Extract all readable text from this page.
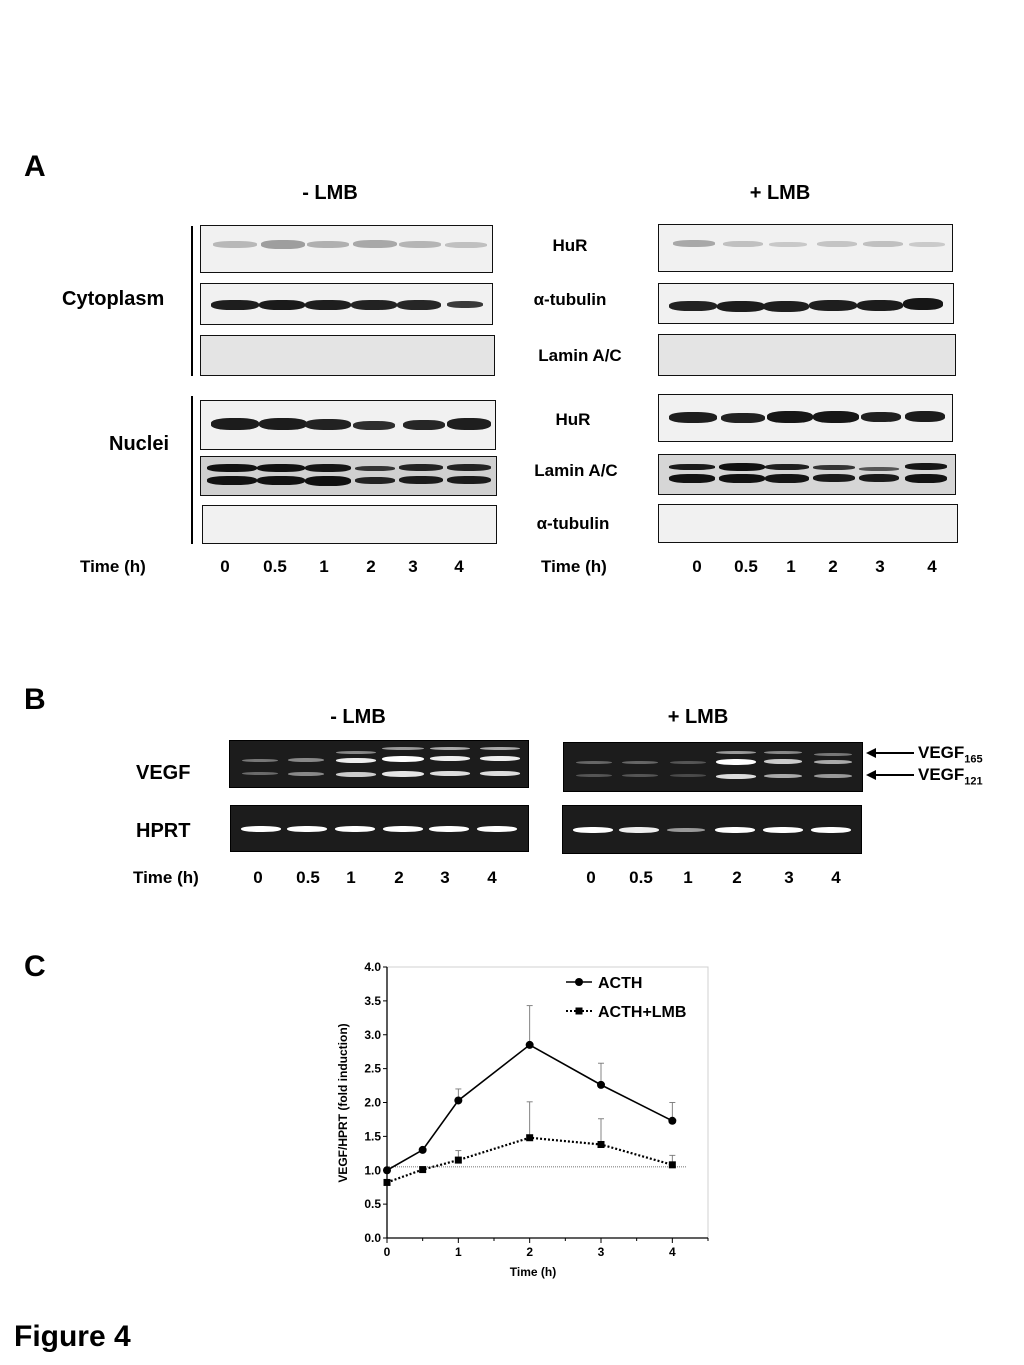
A
- LMB	+ LMB
Cytoplasm
Nuclei
HuR
α-tubulin
Lamin A/C
HuR
Lamin A/C
α-tubulin
Time (h)	0	0.5	1	2	3	4	Time (h)	0	0.5	1	2	3	4
B
- LMB	+ LMB
VEGF
HPRT
$VEGF_{165}$
$VEGF_{121}$
Time (h)	0	0.5	1	2	3	4	0	0.5	1	2	3	4
C
0.0
0.5
1.0
1.5
2.0
2.5
3.0
3.5
4.0
0	1	2	3	4
Time (h)
VEGF/HPRT (fold induction)
ACTH
ACTH+LMB
Figure 4
